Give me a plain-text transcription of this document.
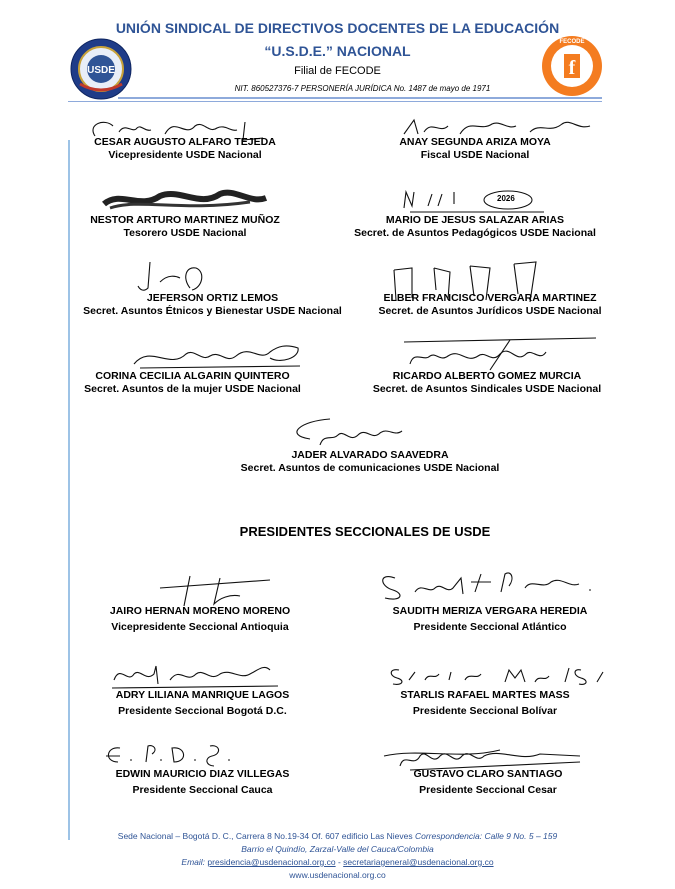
UNIÓN SINDICAL DE DIRECTIVOS DOCENTES DE LA EDUCACIÓN
“U.S.D.E.” NACIONAL
Filial de FECODE
NIT. 860527376-7 PERSONERÍA JURÍDICA No. 1487 de mayo de 1971
USDE	f
FECODE
CESAR AUGUSTO ALFARO TEJEDA
Vicepresidente USDE Nacional
ANAY SEGUNDA ARIZA MOYA
Fiscal USDE Nacional
NESTOR ARTURO MARTINEZ MUÑOZ
Tesorero USDE Nacional
2026
MARIO DE JESUS SALAZAR ARIAS
Secret. de Asuntos Pedagógicos USDE Nacional
JEFERSON ORTIZ LEMOS
Secret. Asuntos Étnicos y Bienestar USDE Nacional
ELBER FRANCISCO VERGARA MARTINEZ
Secret. de Asuntos Jurídicos USDE Nacional
CORINA CECILIA ALGARIN QUINTERO
Secret. Asuntos de la mujer USDE Nacional
RICARDO ALBERTO GOMEZ MURCIA
Secret. de Asuntos Sindicales USDE Nacional
JADER ALVARADO SAAVEDRA
Secret. Asuntos de comunicaciones USDE Nacional
PRESIDENTES SECCIONALES DE USDE
JAIRO HERNAN MORENO MORENO
Vicepresidente Seccional Antioquia
SAUDITH MERIZA VERGARA HEREDIA
Presidente Seccional Atlántico
ADRY LILIANA MANRIQUE LAGOS
Presidente Seccional Bogotá D.C.
STARLIS RAFAEL MARTES MASS
Presidente Seccional Bolívar
EDWIN MAURICIO DIAZ VILLEGAS
Presidente Seccional Cauca
GUSTAVO CLARO SANTIAGO
Presidente Seccional Cesar
Sede Nacional – Bogotá D. C., Carrera 8 No.19-34 Of. 607 edificio Las Nieves Correspondencia: Calle 9 No. 5 – 159
Barrio el Quindío, Zarzal-Valle del Cauca/Colombia
Email: presidencia@usdenacional.org.co - secretariageneral@usdenacional.org.co
www.usdenacional.org.co
